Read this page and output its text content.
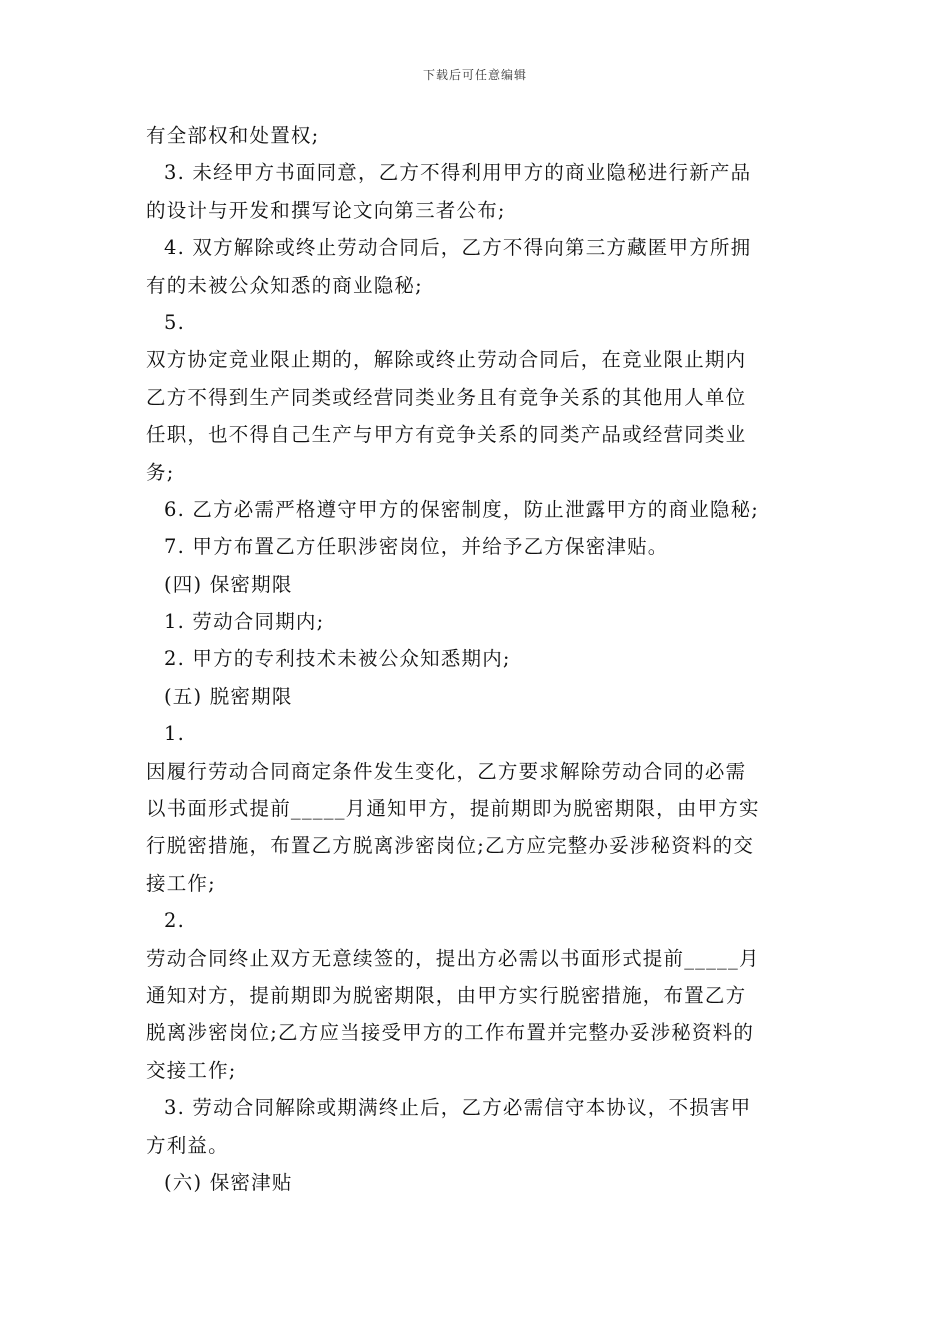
下载后可任意编辑
有全部权和处置权;
3. 未经甲方书面同意，乙方不得利用甲方的商业隐秘进行新产品
的设计与开发和撰写论文向第三者公布;
4. 双方解除或终止劳动合同后，乙方不得向第三方藏匿甲方所拥
有的未被公众知悉的商业隐秘;
5.
双方协定竞业限止期的，解除或终止劳动合同后，在竞业限止期内
乙方不得到生产同类或经营同类业务且有竞争关系的其他用人单位
任职，也不得自己生产与甲方有竞争关系的同类产品或经营同类业
务;
6. 乙方必需严格遵守甲方的保密制度，防止泄露甲方的商业隐秘;
7. 甲方布置乙方任职涉密岗位，并给予乙方保密津贴。
(四) 保密期限
1. 劳动合同期内;
2. 甲方的专利技术未被公众知悉期内;
(五) 脱密期限
1.
因履行劳动合同商定条件发生变化，乙方要求解除劳动合同的必需
以书面形式提前_____月通知甲方，提前期即为脱密期限，由甲方实
行脱密措施，布置乙方脱离涉密岗位;乙方应完整办妥涉秘资料的交
接工作;
2.
劳动合同终止双方无意续签的，提出方必需以书面形式提前_____月
通知对方，提前期即为脱密期限，由甲方实行脱密措施，布置乙方
脱离涉密岗位;乙方应当接受甲方的工作布置并完整办妥涉秘资料的
交接工作;
3. 劳动合同解除或期满终止后，乙方必需信守本协议，不损害甲
方利益。
(六) 保密津贴
